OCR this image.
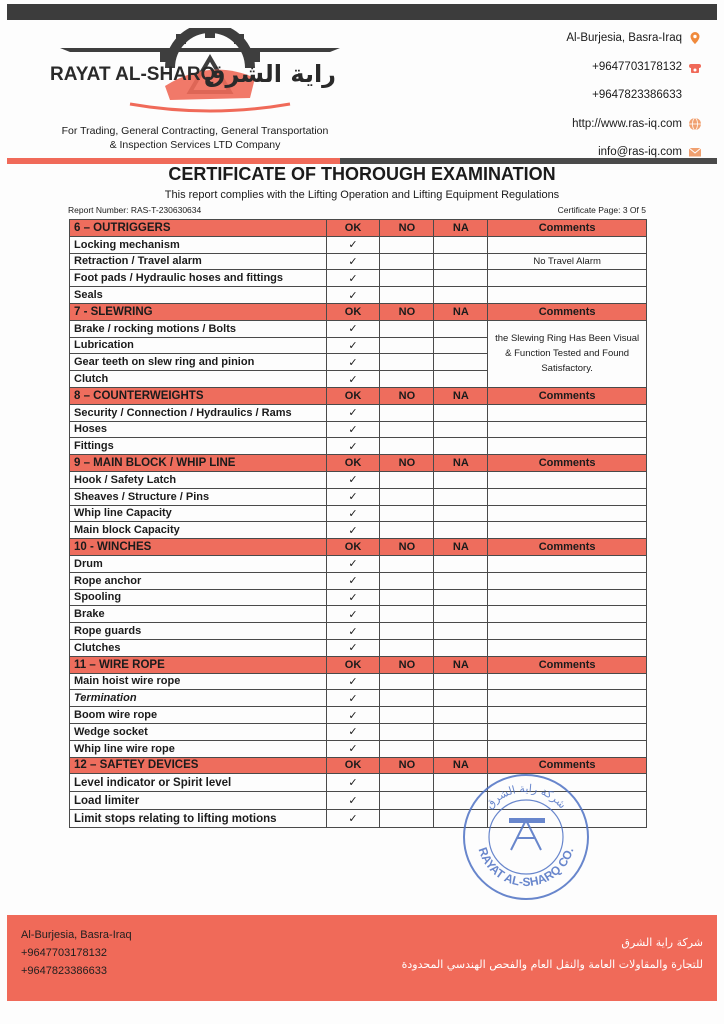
RAYAT AL-SHARQ
راية الشرق
For Trading, General Contracting, General Transportation
& Inspection Services LTD Company
Al-Burjesia, Basra-Iraq
+9647703178132
+9647823386633
http://www.ras-iq.com
info@ras-iq.com
CERTIFICATE OF THOROUGH EXAMINATION
This report complies with the Lifting Operation and Lifting Equipment Regulations
Report Number: RAS-T-230630634	Certificate Page: 3 Of 5
6 – OUTRIGGERS	OK	NO	NA	Comments
Locking mechanism	✓			
Retraction / Travel alarm	✓			No Travel Alarm
Foot pads / Hydraulic hoses and fittings	✓			
Seals	✓			
7 - SLEWRING	OK	NO	NA	Comments
Brake / rocking motions / Bolts	✓			the Slewing Ring Has Been Visual & Function Tested and Found Satisfactory.
Lubrication	✓			
Gear teeth on slew ring and pinion	✓			
Clutch	✓			
8 – COUNTERWEIGHTS	OK	NO	NA	Comments
Security / Connection / Hydraulics / Rams	✓			
Hoses	✓			
Fittings	✓			
9 – MAIN BLOCK / WHIP LINE	OK	NO	NA	Comments
Hook / Safety Latch	✓			
Sheaves / Structure / Pins	✓			
Whip line Capacity	✓			
Main block Capacity	✓			
10 - WINCHES	OK	NO	NA	Comments
Drum	✓			
Rope anchor	✓			
Spooling	✓			
Brake	✓			
Rope guards	✓			
Clutches	✓			
11 – WIRE ROPE	OK	NO	NA	Comments
Main hoist wire rope	✓			
Termination	✓			
Boom wire rope	✓			
Wedge socket	✓			
Whip line wire rope	✓			
12 – SAFTEY DEVICES	OK	NO	NA	Comments
Level indicator or Spirit level	✓			
Load limiter	✓			
Limit stops relating to lifting motions	✓			
شركة راية الشرق
RAYAT AL-SHARQ CO.
Al-Burjesia, Basra-Iraq
+9647703178132
+9647823386633
شركة راية الشرق
للتجارة والمقاولات العامة والنقل العام والفحص الهندسي المحدودة
